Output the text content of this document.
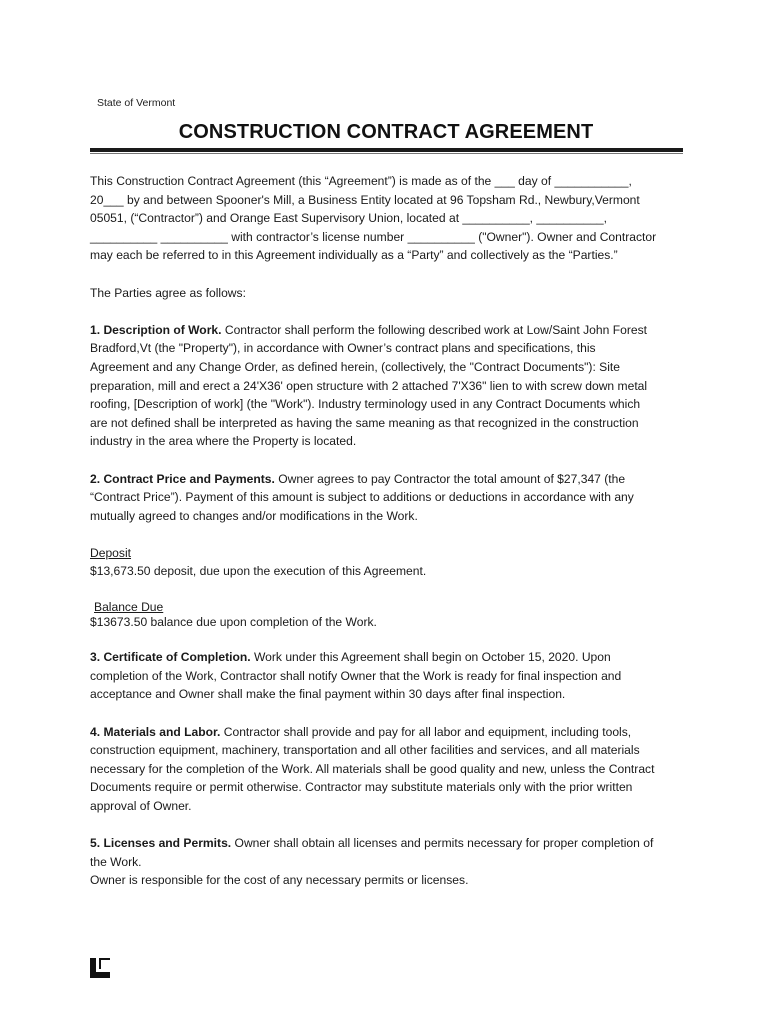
State of Vermont
CONSTRUCTION CONTRACT AGREEMENT

This Construction Contract Agreement (this “Agreement”) is made as of the ___ day of ___________,
20___ by and between Spooner's Mill, a Business Entity located at 96 Topsham Rd., Newbury,Vermont
05051, (“Contractor”) and Orange East Supervisory Union, located at __________, __________,
__________ __________ with contractor’s license number __________ ("Owner"). Owner and Contractor
may each be referred to in this Agreement individually as a “Party” and collectively as the “Parties.”

The Parties agree as follows:

1. Description of Work. Contractor shall perform the following described work at Low/Saint John Forest
Bradford,Vt (the "Property"), in accordance with Owner’s contract plans and specifications, this
Agreement and any Change Order, as defined herein, (collectively, the "Contract Documents"): Site
preparation, mill and erect a 24'X36' open structure with 2 attached 7'X36" lien to with screw down metal
roofing, [Description of work] (the "Work"). Industry terminology used in any Contract Documents which
are not defined shall be interpreted as having the same meaning as that recognized in the construction
industry in the area where the Property is located.

2. Contract Price and Payments. Owner agrees to pay Contractor the total amount of $27,347 (the
“Contract Price”). Payment of this amount is subject to additions or deductions in accordance with any
mutually agreed to changes and/or modifications in the Work.

Deposit
$13,673.50 deposit, due upon the execution of this Agreement.

Balance Due
$13673.50 balance due upon completion of the Work.

3. Certificate of Completion. Work under this Agreement shall begin on October 15, 2020. Upon
completion of the Work, Contractor shall notify Owner that the Work is ready for final inspection and
acceptance and Owner shall make the final payment within 30 days after final inspection.

4. Materials and Labor. Contractor shall provide and pay for all labor and equipment, including tools,
construction equipment, machinery, transportation and all other facilities and services, and all materials
necessary for the completion of the Work. All materials shall be good quality and new, unless the Contract
Documents require or permit otherwise. Contractor may substitute materials only with the prior written
approval of Owner.

5. Licenses and Permits. Owner shall obtain all licenses and permits necessary for proper completion of
the Work.
Owner is responsible for the cost of any necessary permits or licenses.
